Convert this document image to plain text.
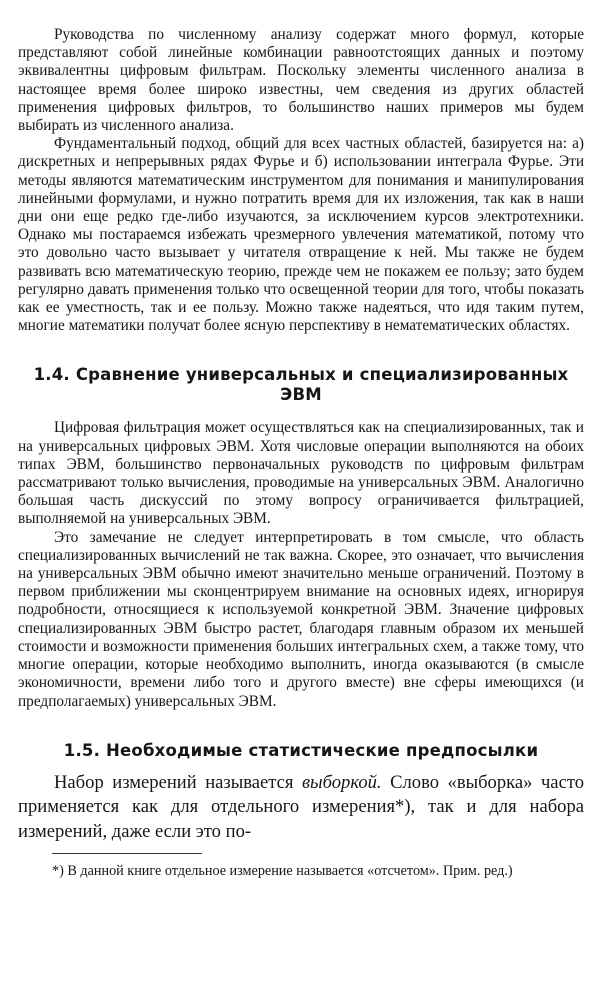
Руководства по численному анализу содержат много формул, которые представляют собой линейные комбинации равноотстоящих данных и поэтому эквивалентны цифровым фильтрам. Поскольку элементы численного анализа в настоящее время более широко известны, чем сведения из других областей применения цифровых фильтров, то большинство наших примеров мы будем выбирать из численного анализа.

Фундаментальный подход, общий для всех частных областей, базируется на: а) дискретных и непрерывных рядах Фурье и б) использовании интеграла Фурье. Эти методы являются математическим инструментом для понимания и манипулирования линейными формулами, и нужно потратить время для их изложения, так как в наши дни они еще редко где-либо изучаются, за исключением курсов электротехники. Однако мы постараемся избежать чрезмерного увлечения математикой, потому что это довольно часто вызывает у читателя отвращение к ней. Мы также не будем развивать всю математическую теорию, прежде чем не покажем ее пользу; зато будем регулярно давать применения только что освещенной теории для того, чтобы показать как ее уместность, так и ее пользу. Можно также надеяться, что идя таким путем, многие математики получат более ясную перспективу в нематематических областях.

1.4. Сравнение универсальных и специализированных ЭВМ

Цифровая фильтрация может осуществляться как на специализированных, так и на универсальных цифровых ЭВМ. Хотя числовые операции выполняются на обоих типах ЭВМ, большинство первоначальных руководств по цифровым фильтрам рассматривают только вычисления, проводимые на универсальных ЭВМ. Аналогично большая часть дискуссий по этому вопросу ограничивается фильтрацией, выполняемой на универсальных ЭВМ.

Это замечание не следует интерпретировать в том смысле, что область специализированных вычислений не так важна. Скорее, это означает, что вычисления на универсальных ЭВМ обычно имеют значительно меньше ограничений. Поэтому в первом приближении мы сконцентрируем внимание на основных идеях, игнорируя подробности, относящиеся к используемой конкретной ЭВМ. Значение цифровых специализированных ЭВМ быстро растет, благодаря главным образом их меньшей стоимости и возможности применения больших интегральных схем, а также тому, что многие операции, которые необходимо выполнить, иногда оказываются (в смысле экономичности, времени либо того и другого вместе) вне сферы имеющихся (и предполагаемых) универсальных ЭВМ.

1.5. Необходимые статистические предпосылки

Набор измерений называется выборкой. Слово «выборка» часто применяется как для отдельного измерения*), так и для набора измерений, даже если это по-

*) В данной книге отдельное измерение называется «отсчетом». Прим. ред.)
